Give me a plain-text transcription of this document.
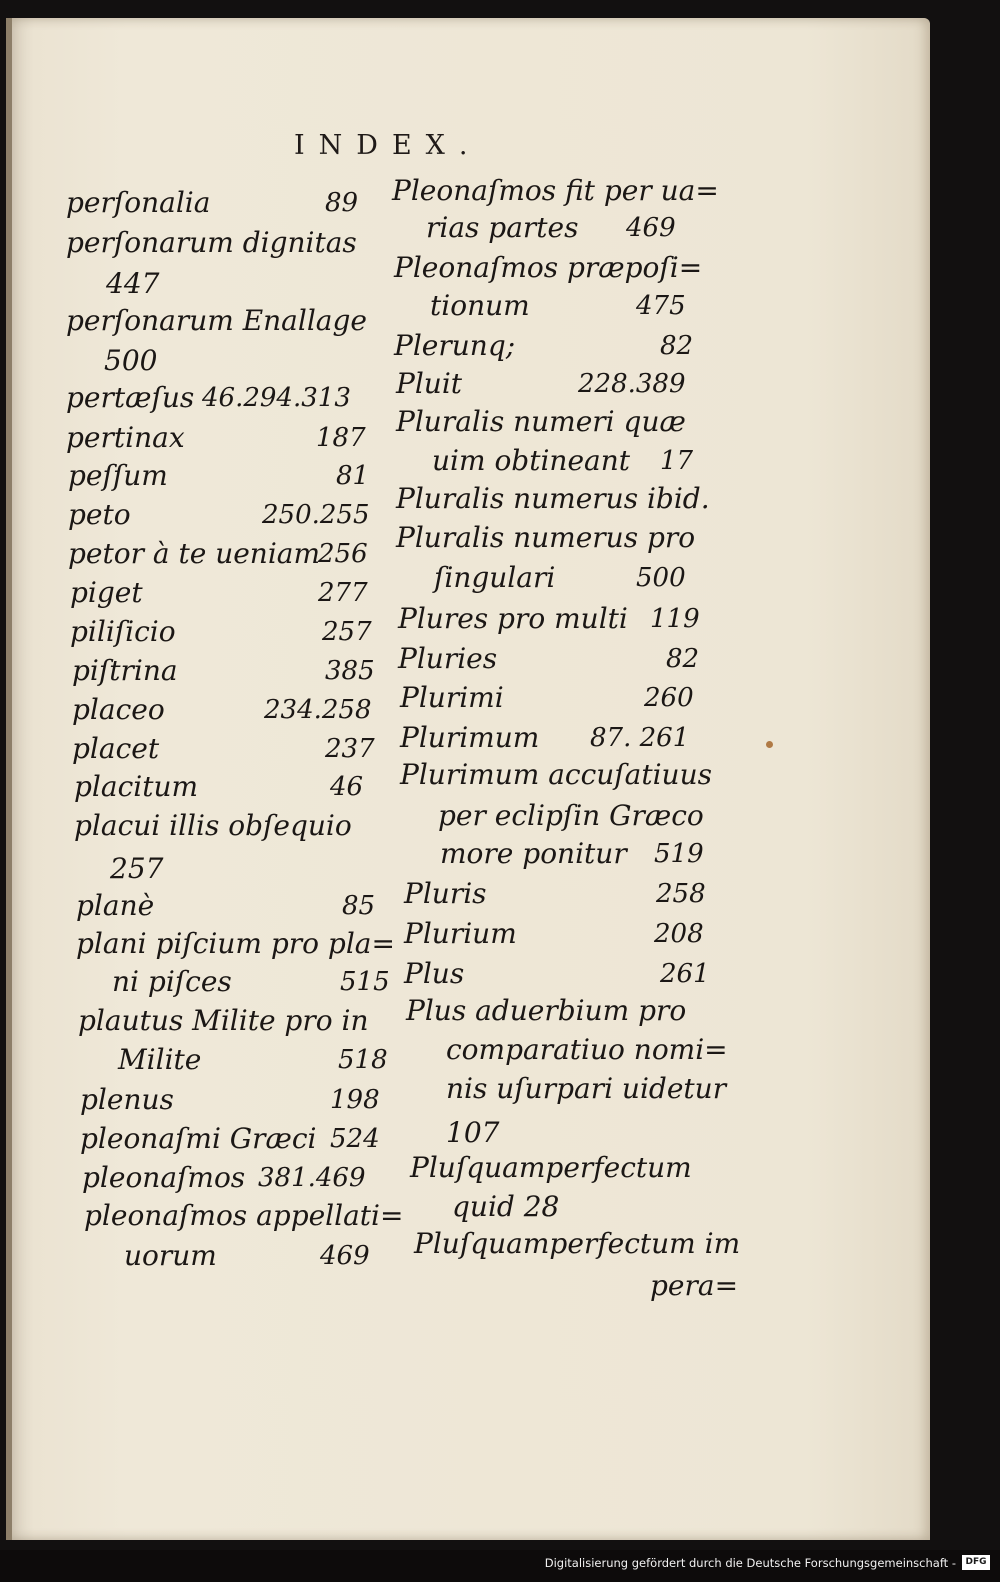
INDEX.
perſonalia	89
perſonarum dignitas
447
perſonarum Enallage
500
pertæſus 46.294.313
pertinax	187
peſſum	81
peto	250.255
petor à te ueniam
256
piget	277
piliſicio	257
piſtrina	385
placeo	234.258
placet	237
placitum	46
placui illis obſequio
257
planè	85
plani piſcium pro pla=
ni piſces	515
plautus Milite pro in
Milite	518
plenus	198
pleonaſmi Græci 524
pleonaſmos 381.469
pleonaſmos appellati=
uorum	469
Pleonaſmos fit per ua=
rias partes 469
Pleonaſmos præpoſi=
tionum	475
Plerunq;	82
Pluit	228.389
Pluralis numeri quæ
uim obtineant 17
Pluralis numerus ibid.
Pluralis numerus pro
ſingulari	500
Plures pro multi 119
Pluries	82
Plurimi	260
Plurimum 87. 261
Plurimum accuſatiuus
per eclipſin Græco
more ponitur 519
Pluris	258
Plurium	208
Plus	261
Plus aduerbium pro
comparatiuo nomi=
nis uſurpari uidetur
107
Pluſquamperfectum
quid 28
Pluſquamperfectum im
pera=
Digitalisierung gefördert durch die Deutsche Forschungsgemeinschaft -	DFG
